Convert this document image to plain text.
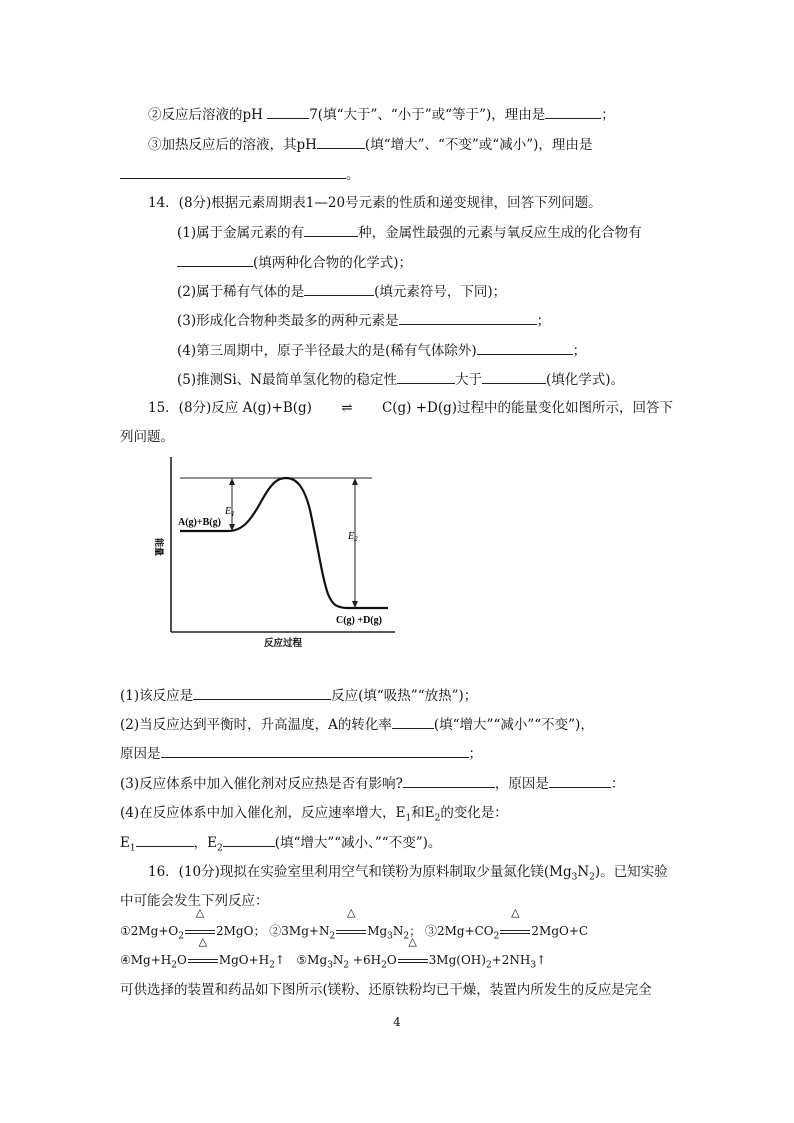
②反应后溶液的pH	7(填“大于”、“小于”或“等于”)，理由是	；
③加热反应后的溶液，其pH	(填“增大”、“不变”或“减小”)，理由是
。
14．(8分)根据元素周期表1—20号元素的性质和递变规律，回答下列问题。
(1)属于金属元素的有	种，金属性最强的元素与氧反应生成的化合物有
(填两种化合物的化学式)；
(2)属于稀有气体的是	(填元素符号，下同)；
(3)形成化合物种类最多的两种元素是	；
(4)第三周期中，原子半径最大的是(稀有气体除外)	；
(5)推测Si、N最简单氢化物的稳定性	大于	(填化学式)。
15．(8分)反应 A(g)+B(g) ⇌ C(g) +D(g)过程中的能量变化如图所示，回答下
列问题。
$E_1$
$E_2$
A(g)+B(g)
C(g) +D(g)
反应过程
能量
(1)该反应是	反应(填“吸热”“放热”)；
(2)当反应达到平衡时，升高温度，A的转化率	(填“增大”“减小”“不变”)，
原因是	；
(3)反应体系中加入催化剂对反应热是否有影响?	，原因是	：
(4)在反应体系中加入催化剂，反应速率增大，$E_1$和$E_2$的变化是：
$E_1$	，$E_2$	(填“增大”“减小、”“不变”)。
16．(10分)现拟在实验室里利用空气和镁粉为原料制取少量氮化镁$(Mg_3N_2)$。已知实验
中可能会发生下列反应：
$①2Mg+O_2$
△
2MgO； $②3Mg+N_2$
△
$Mg_3N_2$； $③2Mg+CO_2$
△
2MgO+C
$④Mg+H_2O$
△
$MgO+H_2↑$ $⑤Mg_3N_2 +6H_2O$
△
$3Mg(OH)_2+2NH_3↑$
可供选择的装置和药品如下图所示(镁粉、还原铁粉均已干燥，装置内所发生的反应是完全
4
